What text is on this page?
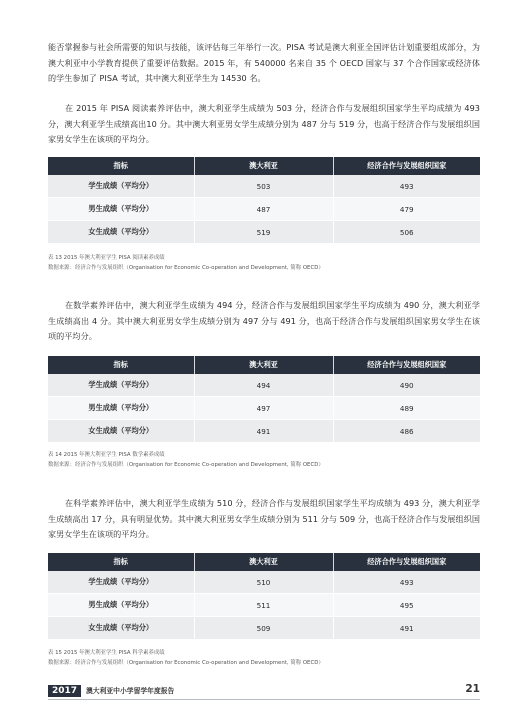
能否掌握参与社会所需要的知识与技能，该评估每三年举行一次。PISA 考试是澳大利亚全国评估计划重要组成部分，为澳大利亚中小学教育提供了重要评估数据。2015 年，有 540000 名来自 35 个 OECD 国家与 37 个合作国家或经济体的学生参加了 PISA 考试，其中澳大利亚学生为 14530 名。

在 2015 年 PISA 阅读素养评估中，澳大利亚学生成绩为 503 分，经济合作与发展组织国家学生平均成绩为 493 分，澳大利亚学生成绩高出10 分。其中澳大利亚男女学生成绩分别为 487 分与 519 分，也高于经济合作与发展组织国家男女学生在该项的平均分。

指标	澳大利亚	经济合作与发展组织国家
学生成绩（平均分）	503	493
男生成绩（平均分）	487	479
女生成绩（平均分）	519	506

表 13 2015 年澳大利亚学生 PISA 阅读素养成绩

数据来源：经济合作与发展组织（Organisation for Economic Co-operation and Development, 简称 OECD）

在数学素养评估中，澳大利亚学生成绩为 494 分，经济合作与发展组织国家学生平均成绩为 490 分，澳大利亚学生成绩高出 4 分。其中澳大利亚男女学生成绩分别为 497 分与 491 分，也高于经济合作与发展组织国家男女学生在该项的平均分。

指标	澳大利亚	经济合作与发展组织国家
学生成绩（平均分）	494	490
男生成绩（平均分）	497	489
女生成绩（平均分）	491	486

表 14 2015 年澳大利亚学生 PISA 数学素养成绩

数据来源：经济合作与发展组织（Organisation for Economic Co-operation and Development, 简称 OECD）

在科学素养评估中，澳大利亚学生成绩为 510 分，经济合作与发展组织国家学生平均成绩为 493 分，澳大利亚学生成绩高出 17 分，具有明显优势。其中澳大利亚男女学生成绩分别为 511 分与 509 分，也高于经济合作与发展组织国家男女学生在该项的平均分。

指标	澳大利亚	经济合作与发展组织国家
学生成绩（平均分）	510	493
男生成绩（平均分）	511	495
女生成绩（平均分）	509	491

表 15 2015 年澳大利亚学生 PISA 科学素养成绩

数据来源：经济合作与发展组织（Organisation for Economic Co-operation and Development, 简称 OECD）

2017	澳大利亚中小学留学年度报告	21
